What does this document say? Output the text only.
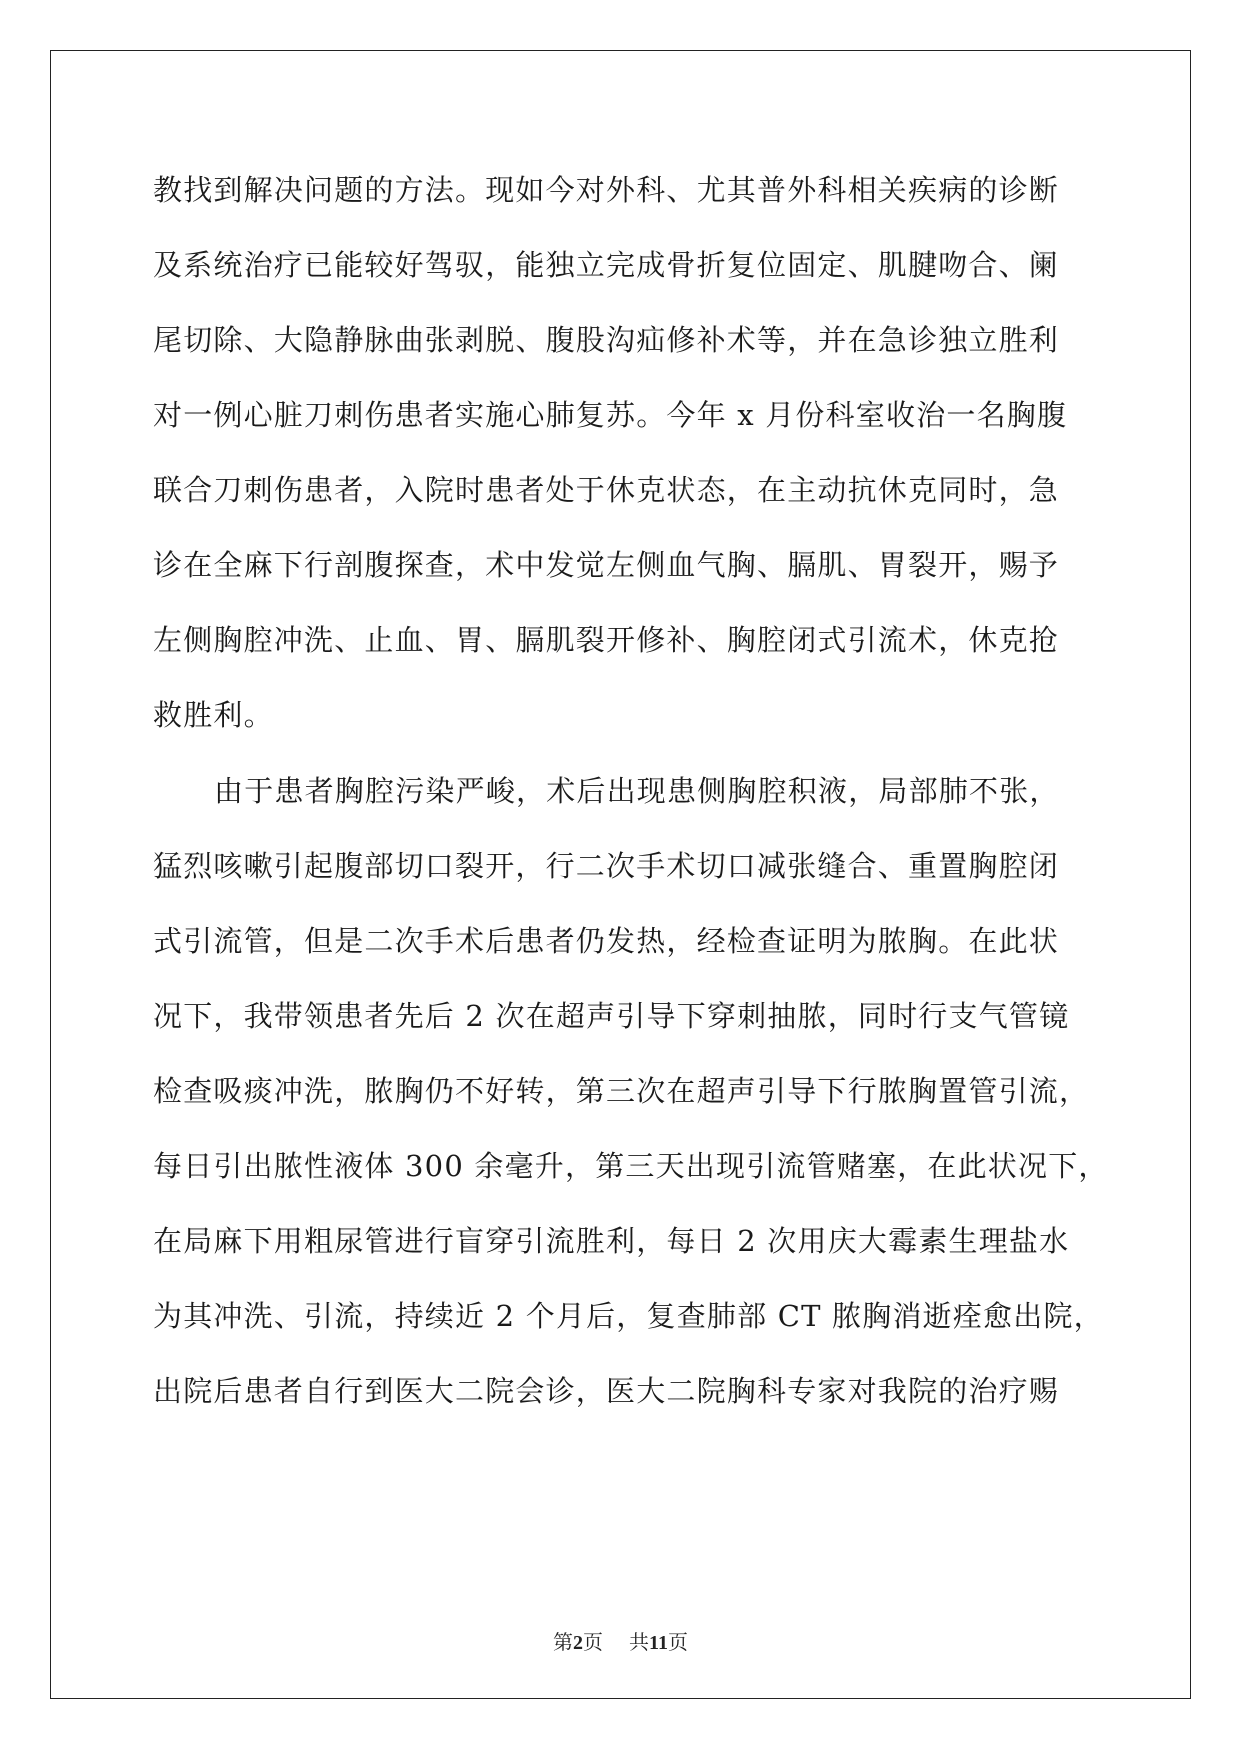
教找到解决问题的方法。现如今对外科、尤其普外科相关疾病的诊断
及系统治疗已能较好驾驭，能独立完成骨折复位固定、肌腱吻合、阑
尾切除、大隐静脉曲张剥脱、腹股沟疝修补术等，并在急诊独立胜利
对一例心脏刀刺伤患者实施心肺复苏。今年 x 月份科室收治一名胸腹
联合刀刺伤患者，入院时患者处于休克状态，在主动抗休克同时，急
诊在全麻下行剖腹探查，术中发觉左侧血气胸、膈肌、胃裂开，赐予
左侧胸腔冲洗、止血、胃、膈肌裂开修补、胸腔闭式引流术，休克抢
救胜利。
由于患者胸腔污染严峻，术后出现患侧胸腔积液，局部肺不张，
猛烈咳嗽引起腹部切口裂开，行二次手术切口减张缝合、重置胸腔闭
式引流管，但是二次手术后患者仍发热，经检查证明为脓胸。在此状
况下，我带领患者先后 2 次在超声引导下穿刺抽脓，同时行支气管镜
检查吸痰冲洗，脓胸仍不好转，第三次在超声引导下行脓胸置管引流，
每日引出脓性液体 300 余毫升，第三天出现引流管赌塞，在此状况下，
在局麻下用粗尿管进行盲穿引流胜利，每日 2 次用庆大霉素生理盐水
为其冲洗、引流，持续近 2 个月后，复查肺部 CT 脓胸消逝痊愈出院，
出院后患者自行到医大二院会诊，医大二院胸科专家对我院的治疗赐
第2页 共11页
